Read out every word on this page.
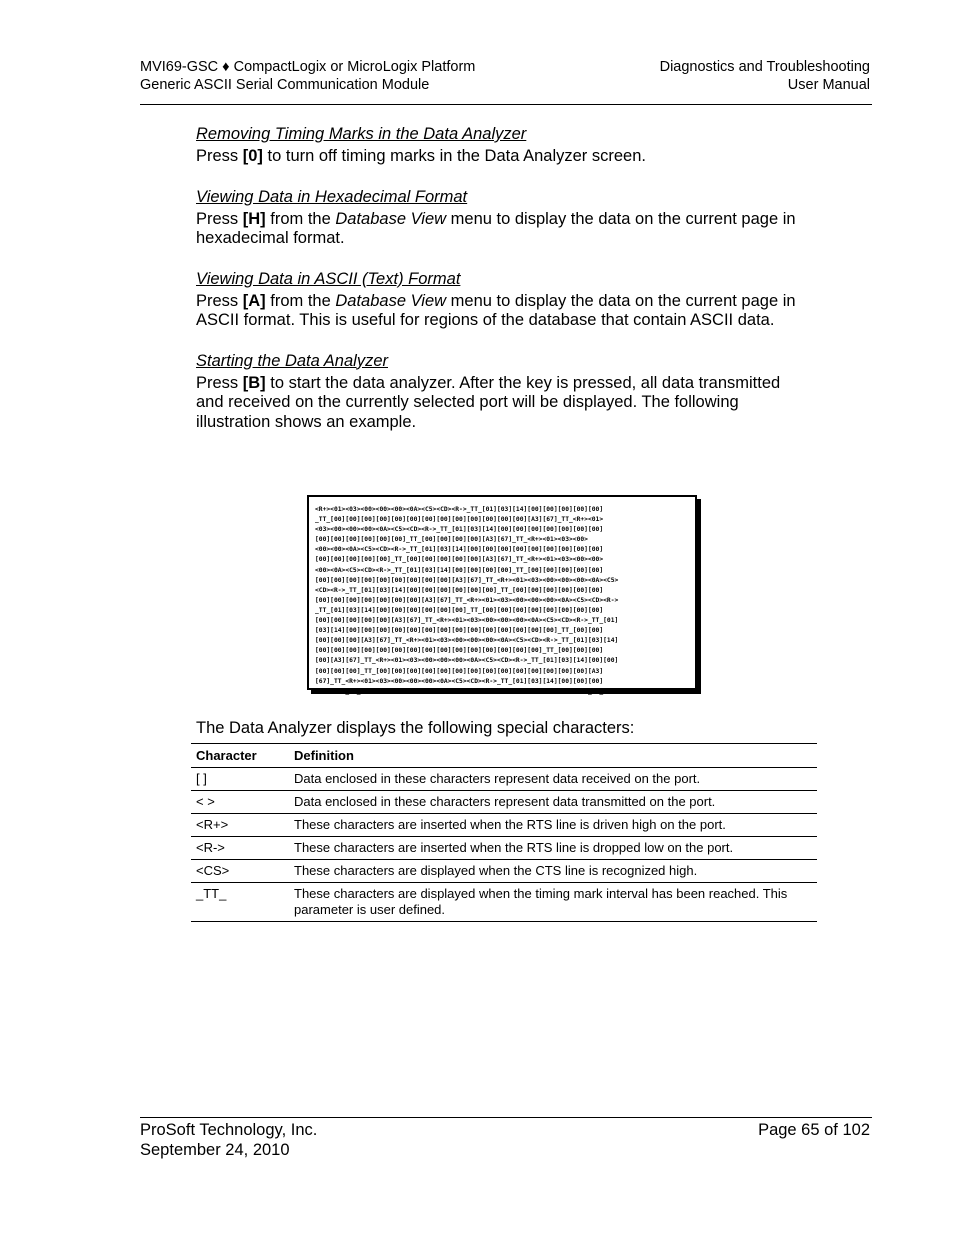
MVI69-GSC ♦ CompactLogix or MicroLogix Platform
Generic ASCII Serial Communication Module
Diagnostics and Troubleshooting
User Manual

Removing Timing Marks in the Data Analyzer

Press [0] to turn off timing marks in the Data Analyzer screen.

Viewing Data in Hexadecimal Format

Press [H] from the Database View menu to display the data on the current page in hexadecimal format.

Viewing Data in ASCII (Text) Format

Press [A] from the Database View menu to display the data on the current page in ASCII format. This is useful for regions of the database that contain ASCII data.

Starting the Data Analyzer

Press [B] to start the data analyzer. After the key is pressed, all data transmitted and received on the currently selected port will be displayed. The following illustration shows an example.

<R+><01><03><00><00><00><0A><C5><CD><R->_TT_[01][03][14][00][00][00][00][00]
_TT_[00][00][00][00][00][00][00][00][00][00][00][00][00][A3][67]_TT_<R+><01>
<03><00><00><00><0A><C5><CD><R->_TT_[01][03][14][00][00][00][00][00][00][00]
[00][00][00][00][00][00]_TT_[00][00][00][00][A3][67]_TT_<R+><01><03><00>
<00><00><0A><C5><CD><R->_TT_[01][03][14][00][00][00][00][00][00][00][00][00]
[00][00][00][00][00]_TT_[00][00][00][00][00][A3][67]_TT_<R+><01><03><00><00>
<00><0A><C5><CD><R->_TT_[01][03][14][00][00][00][00]_TT_[00][00][00][00][00]
[00][00][00][00][00][00][00][00][00][A3][67]_TT_<R+><01><03><00><00><00><0A><C5>
<CD><R->_TT_[01][03][14][00][00][00][00][00][00]_TT_[00][00][00][00][00][00]
[00][00][00][00][00][00][00][A3][67]_TT_<R+><01><03><00><00><00><0A><C5><CD><R->
_TT_[01][03][14][00][00][00][00][00][00]_TT_[00][00][00][00][00][00][00][00]
[00][00][00][00][00][A3][67]_TT_<R+><01><03><00><00><00><0A><C5><CD><R->_TT_[01]
[03][14][00][00][00][00][00][00][00][00][00][00][00][00][00][00]_TT_[00][00]
[00][00][00][A3][67]_TT_<R+><01><03><00><00><00><0A><C5><CD><R->_TT_[01][03][14]
[00][00][00][00][00][00][00][00][00][00][00][00][00][00][00]_TT_[00][00][00]
[00][A3][67]_TT_<R+><01><03><00><00><00><0A><C5><CD><R->_TT_[01][03][14][00][00]
[00][00][00]_TT_[00][00][00][00][00][00][00][00][00][00][00][00][00][00][A3]
[67]_TT_<R+><01><03><00><00><00><0A><C5><CD><R->_TT_[01][03][14][00][00][00]
[00][00]_TT_[00][00][00][00][00][00][00][00][00][00][00][00][00][A3][67]_TT_
The Data Analyzer displays the following special characters:
Character	Definition
[ ]	Data enclosed in these characters represent data received on the port.
< >	Data enclosed in these characters represent data transmitted on the port.
<R+>	These characters are inserted when the RTS line is driven high on the port.
<R->	These characters are inserted when the RTS line is dropped low on the port.
<CS>	These characters are displayed when the CTS line is recognized high.
_TT_	These characters are displayed when the timing mark interval has been reached. This parameter is user defined.
ProSoft Technology, Inc.
September 24, 2010
Page 65 of 102
